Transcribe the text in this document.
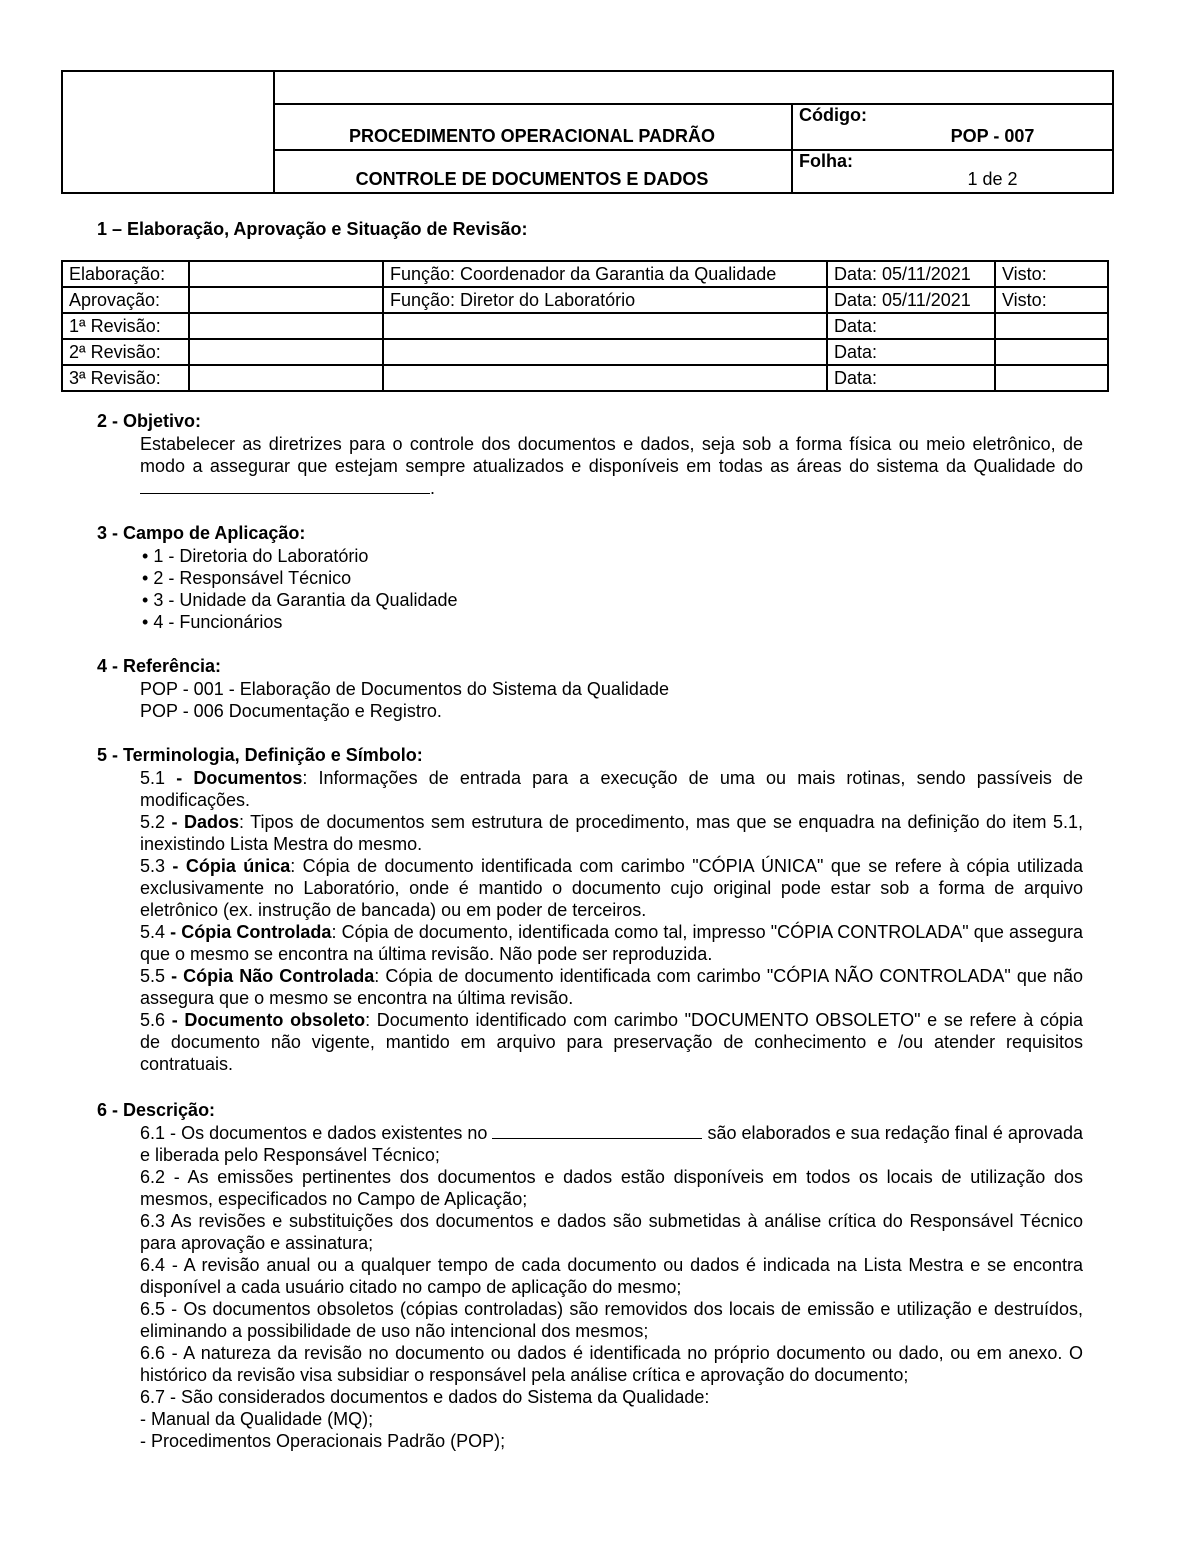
PROCEDIMENTO OPERACIONAL PADRÃO
Código:
POP - 007
CONTROLE DE DOCUMENTOS E DADOS
Folha:
1 de 2
1 – Elaboração, Aprovação e Situação de Revisão:
Elaboração:		Função: Coordenador da Garantia da Qualidade	Data: 05/11/2021	Visto:
Aprovação:		Função: Diretor do Laboratório	Data: 05/11/2021	Visto:
1ª Revisão:			Data:	
2ª Revisão:			Data:	
3ª Revisão:			Data:	
2 - Objetivo:

Estabelecer as diretrizes para o controle dos documentos e dados, seja sob a forma física ou meio eletrônico, de modo a assegurar que estejam sempre atualizados e disponíveis em todas as áreas do sistema da Qualidade do .

3 - Campo de Aplicação:

• 1 - Diretoria do Laboratório

• 2 - Responsável Técnico

• 3 - Unidade da Garantia da Qualidade

• 4 - Funcionários

4 - Referência:

POP - 001 - Elaboração de Documentos do Sistema da Qualidade

POP - 006 Documentação e Registro.

5 - Terminologia, Definição e Símbolo:

5.1 - Documentos: Informações de entrada para a execução de uma ou mais rotinas, sendo passíveis de modificações.

5.2 - Dados: Tipos de documentos sem estrutura de procedimento, mas que se enquadra na definição do item 5.1, inexistindo Lista Mestra do mesmo.

5.3 - Cópia única: Cópia de documento identificada com carimbo "CÓPIA ÚNICA" que se refere à cópia utilizada exclusivamente no Laboratório, onde é mantido o documento cujo original pode estar sob a forma de arquivo eletrônico (ex. instrução de bancada) ou em poder de terceiros.

5.4 - Cópia Controlada: Cópia de documento, identificada como tal, impresso "CÓPIA CONTROLADA" que assegura que o mesmo se encontra na última revisão. Não pode ser reproduzida.

5.5 - Cópia Não Controlada: Cópia de documento identificada com carimbo "CÓPIA NÃO CONTROLADA" que não assegura que o mesmo se encontra na última revisão.

5.6 - Documento obsoleto: Documento identificado com carimbo "DOCUMENTO OBSOLETO" e se refere à cópia de documento não vigente, mantido em arquivo para preservação de conhecimento e /ou atender requisitos contratuais.

6 - Descrição:

6.1 - Os documentos e dados existentes no	são elaborados e sua redação final é aprovada e liberada pelo Responsável Técnico;

6.2 - As emissões pertinentes dos documentos e dados estão disponíveis em todos os locais de utilização dos mesmos, especificados no Campo de Aplicação;

6.3 As revisões e substituições dos documentos e dados são submetidas à análise crítica do Responsável Técnico para aprovação e assinatura;

6.4 - A revisão anual ou a qualquer tempo de cada documento ou dados é indicada na Lista Mestra e se encontra disponível a cada usuário citado no campo de aplicação do mesmo;

6.5 - Os documentos obsoletos (cópias controladas) são removidos dos locais de emissão e utilização e destruídos, eliminando a possibilidade de uso não intencional dos mesmos;

6.6 - A natureza da revisão no documento ou dados é identificada no próprio documento ou dado, ou em anexo. O histórico da revisão visa subsidiar o responsável pela análise crítica e aprovação do documento;

6.7 - São considerados documentos e dados do Sistema da Qualidade:

- Manual da Qualidade (MQ);

- Procedimentos Operacionais Padrão (POP);
